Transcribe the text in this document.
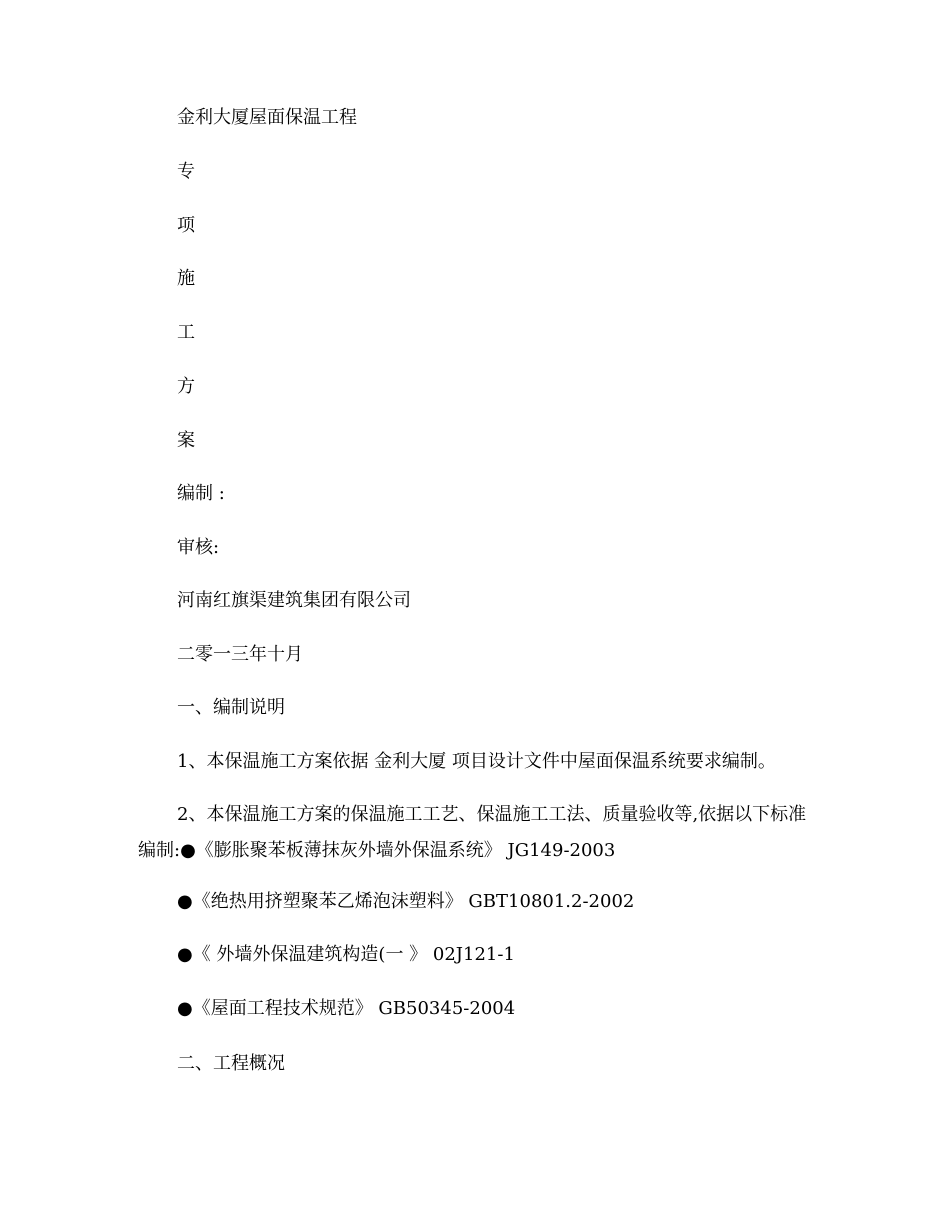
金利大厦屋面保温工程
专
项
施
工
方
案
编制 :
审核:
河南红旗渠建筑集团有限公司
二零一三年十月
一、编制说明
1、本保温施工方案依据 金利大厦 项目设计文件中屋面保温系统要求编制。
2、本保温施工方案的保温施工工艺、保温施工工法、质量验收等,依据以下标准编制:●《膨胀聚苯板薄抹灰外墙外保温系统》 JG149-2003
●《绝热用挤塑聚苯乙烯泡沫塑料》 GBT10801.2-2002
●《 外墙外保温建筑构造(一 》 02J121-1
●《屋面工程技术规范》 GB50345-2004
二、工程概况
